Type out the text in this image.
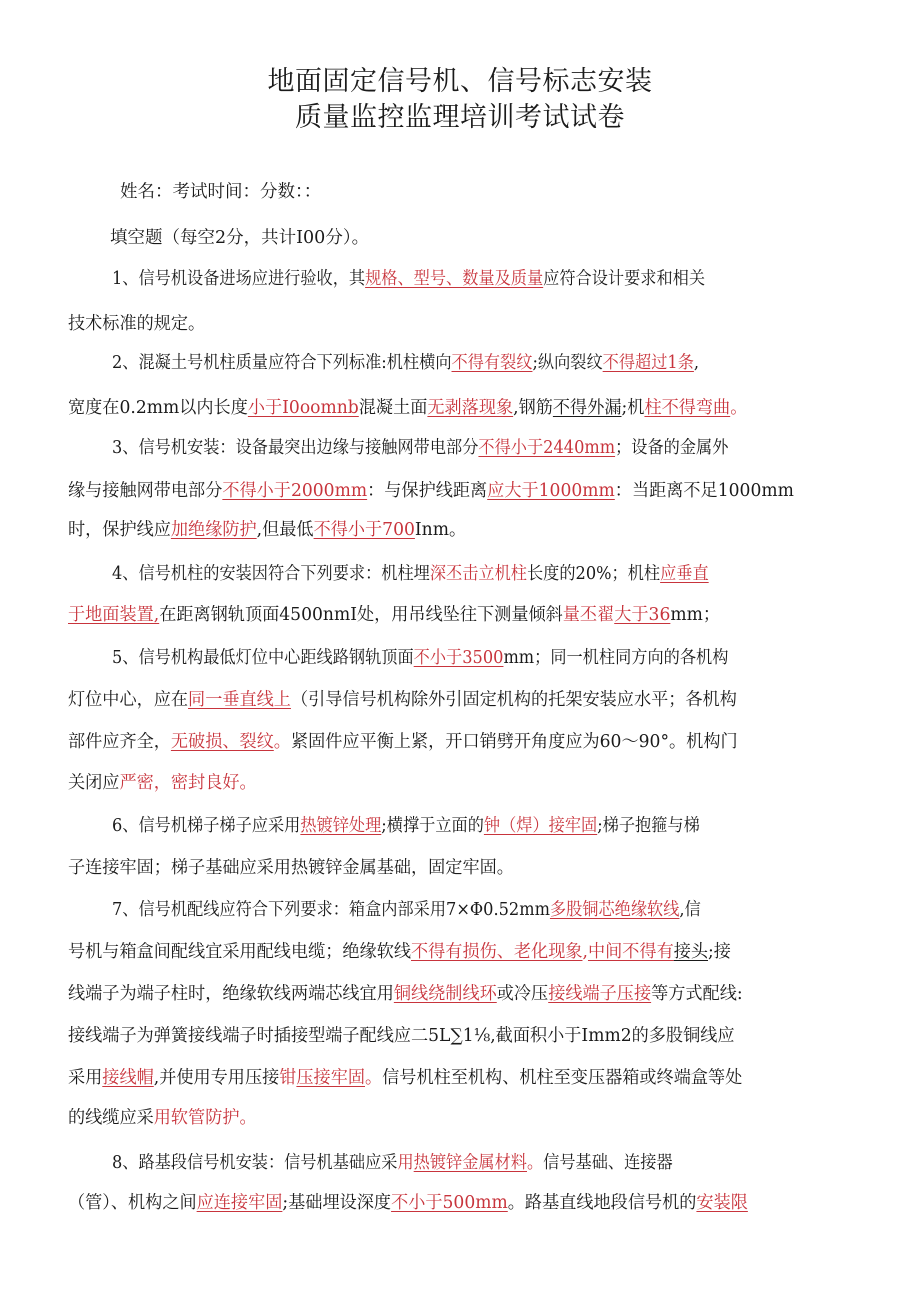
地面固定信号机、信号标志安装
质量监控监理培训考试试卷
姓名：考试时间：分数：：
填空题（每空2分，共计I00分）。
1、信号机设备进场应进行验收，其规格、型号、数量及质量应符合设计要求和相关
技术标准的规定。
2、混凝土号机柱质量应符合下列标准:机柱横向不得有裂纹;纵向裂纹不得超过1条,
宽度在0.2mm以内长度小于I0oomnb混凝土面无剥落现象,钢筋不得外漏;机柱不得弯曲。
3、信号机安装：设备最突出边缘与接触网带电部分不得小于2440mm；设备的金属外
缘与接触网带电部分不得小于2000mm：与保护线距离应大于1000mm：当距离不足1000mm
时，保护线应加绝缘防护,但最低不得小于700Inm。
4、信号机柱的安装因符合下列要求：机柱埋深丕击立机柱长度的20%；机柱应垂直
于地面装置,在距离钢轨顶面4500nmI处，用吊线坠往下测量倾斜量丕翟大于36mm；
5、信号机构最低灯位中心距线路钢轨顶面不小于3500mm；同一机柱同方向的各机构
灯位中心，应在同一垂直线上（引导信号机构除外引固定机构的托架安装应水平；各机构
部件应齐全，无破损、裂纹。紧固件应平衡上紧，开口销劈开角度应为60～90°。机构门
关闭应严密，密封良好。
6、信号机梯子梯子应采用热镀锌处理;横撑于立面的钟（焊）接牢固;梯子抱箍与梯
子连接牢固；梯子基础应采用热镀锌金属基础，固定牢固。
7、信号机配线应符合下列要求：箱盒内部采用7×Φ0.52mm多股铜芯绝缘软线,信
号机与箱盒间配线宜采用配线电缆；绝缘软线不得有损伤、老化现象,中间不得有接头;接
线端子为端子柱时，绝缘软线两端芯线宜用铜线绕制线环或冷压接线端子压接等方式配线:
接线端子为弹簧接线端子时插接型端子配线应二5L∑1⅛,截面积小于Imm2的多股铜线应
采用接线帽,并使用专用压接钳压接牢固。信号机柱至机构、机柱至变压器箱或终端盒等处
的线缆应采用软管防护。
8、路基段信号机安装：信号机基础应采用热镀锌金属材料。信号基础、连接器
（管）、机构之间应连接牢固;基础埋设深度不小于500mm。路基直线地段信号机的安装限
